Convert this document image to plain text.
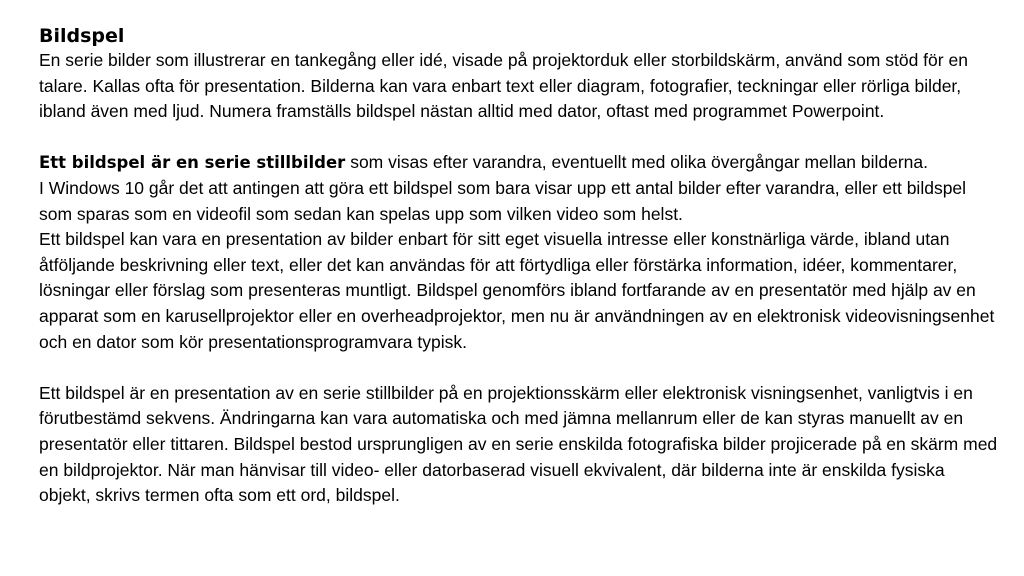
Bildspel

En serie bilder som illustrerar en tankegång eller idé, visade på projektorduk eller storbildskärm, använd som stöd för en talare. Kallas ofta för presentation. Bilderna kan vara enbart text eller diagram, fotografier, teckningar eller rörliga bilder, ibland även med ljud. Numera framställs bildspel nästan alltid med dator, oftast med programmet Powerpoint.

Ett bildspel är en serie stillbilder som visas efter varandra, eventuellt med olika övergångar mellan bilderna.

I Windows 10 går det att antingen att göra ett bildspel som bara visar upp ett antal bilder efter varandra, eller ett bildspel som sparas som en videofil som sedan kan spelas upp som vilken video som helst.

Ett bildspel kan vara en presentation av bilder enbart för sitt eget visuella intresse eller konstnärliga värde, ibland utan åtföljande beskrivning eller text, eller det kan användas för att förtydliga eller förstärka information, idéer, kommentarer, lösningar eller förslag som presenteras muntligt. Bildspel genomförs ibland fortfarande av en presentatör med hjälp av en apparat som en karusellprojektor eller en overheadprojektor, men nu är användningen av en elektronisk videovisningsenhet och en dator som kör presentationsprogramvara typisk.

Ett bildspel är en presentation av en serie stillbilder på en projektionsskärm eller elektronisk visningsenhet, vanligtvis i en förutbestämd sekvens. Ändringarna kan vara automatiska och med jämna mellanrum eller de kan styras manuellt av en presentatör eller tittaren. Bildspel bestod ursprungligen av en serie enskilda fotografiska bilder projicerade på en skärm med en bildprojektor. När man hänvisar till video- eller datorbaserad visuell ekvivalent, där bilderna inte är enskilda fysiska objekt, skrivs termen ofta som ett ord, bildspel.
